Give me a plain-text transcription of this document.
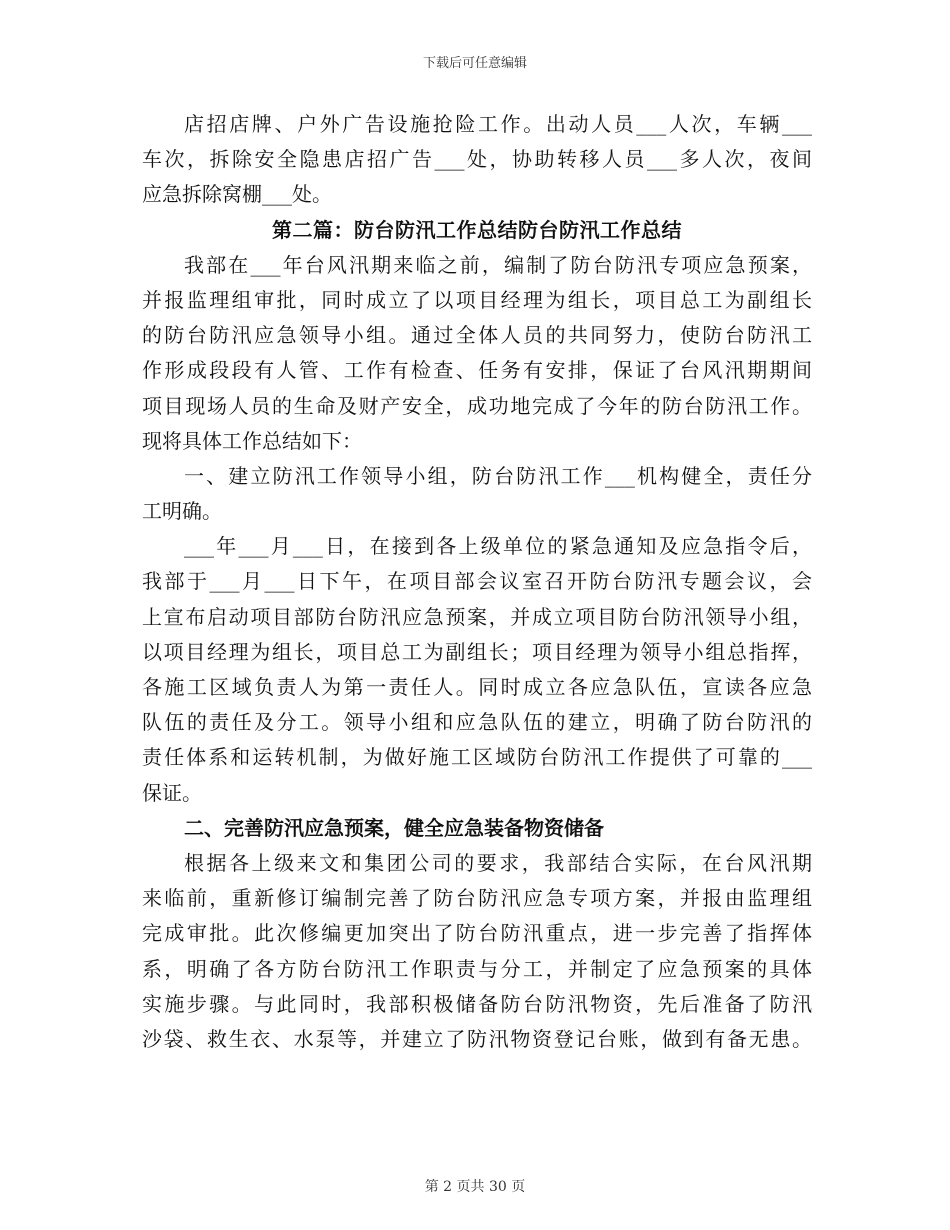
下载后可任意编辑
店招店牌、户外广告设施抢险工作。出动人员___人次，车辆___
车次，拆除安全隐患店招广告___处，协助转移人员___多人次，夜间
应急拆除窝棚___处。
第二篇：防台防汛工作总结防台防汛工作总结
我部在___年台风汛期来临之前，编制了防台防汛专项应急预案，
并报监理组审批，同时成立了以项目经理为组长，项目总工为副组长
的防台防汛应急领导小组。通过全体人员的共同努力，使防台防汛工
作形成段段有人管、工作有检查、任务有安排，保证了台风汛期期间
项目现场人员的生命及财产安全，成功地完成了今年的防台防汛工作。
现将具体工作总结如下：
一、建立防汛工作领导小组，防台防汛工作___机构健全，责任分
工明确。
___年___月___日，在接到各上级单位的紧急通知及应急指令后，
我部于___月___日下午，在项目部会议室召开防台防汛专题会议，会
上宣布启动项目部防台防汛应急预案，并成立项目防台防汛领导小组，
以项目经理为组长，项目总工为副组长；项目经理为领导小组总指挥，
各施工区域负责人为第一责任人。同时成立各应急队伍，宣读各应急
队伍的责任及分工。领导小组和应急队伍的建立，明确了防台防汛的
责任体系和运转机制，为做好施工区域防台防汛工作提供了可靠的___
保证。
二、完善防汛应急预案，健全应急装备物资储备
根据各上级来文和集团公司的要求，我部结合实际，在台风汛期
来临前，重新修订编制完善了防台防汛应急专项方案，并报由监理组
完成审批。此次修编更加突出了防台防汛重点，进一步完善了指挥体
系，明确了各方防台防汛工作职责与分工，并制定了应急预案的具体
实施步骤。与此同时，我部积极储备防台防汛物资，先后准备了防汛
沙袋、救生衣、水泵等，并建立了防汛物资登记台账，做到有备无患。
第 2 页共 30 页
